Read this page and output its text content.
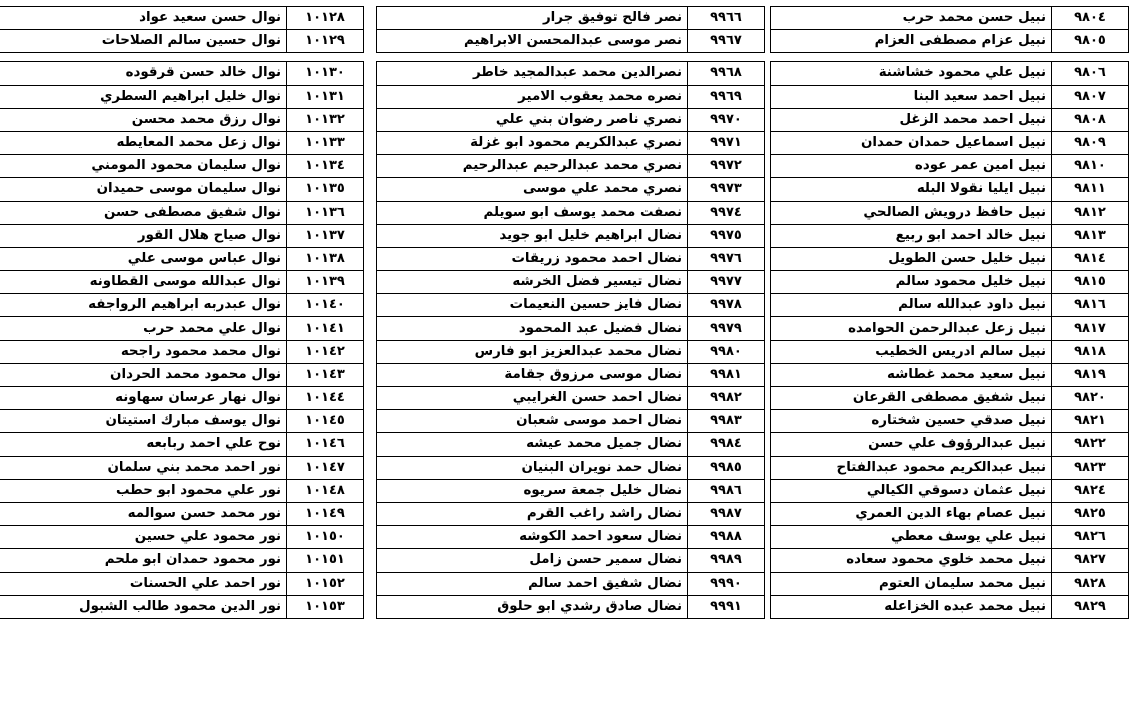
٩٨٠٤	نبيل حسن محمد حرب
٩٨٠٥	نبيل عزام مصطفى العزام

٩٨٠٦	نبيل علي محمود خشاشنة
٩٨٠٧	نبيل احمد سعيد البنا
٩٨٠٨	نبيل احمد محمد الزغل
٩٨٠٩	نبيل اسماعيل حمدان حمدان
٩٨١٠	نبيل امين عمر عوده
٩٨١١	نبيل ايليا نقولا البله
٩٨١٢	نبيل حافظ درويش الصالحي
٩٨١٣	نبيل خالد احمد ابو ربيع
٩٨١٤	نبيل خليل حسن الطويل
٩٨١٥	نبيل خليل محمود سالم
٩٨١٦	نبيل داود عبدالله سالم
٩٨١٧	نبيل زعل عبدالرحمن الحوامده
٩٨١٨	نبيل سالم ادريس الخطيب
٩٨١٩	نبيل سعيد محمد غطاشه
٩٨٢٠	نبيل شفيق مصطفى القرعان
٩٨٢١	نبيل صدقي حسين شختاره
٩٨٢٢	نبيل عبدالرؤوف علي حسن
٩٨٢٣	نبيل عبدالكريم محمود عبدالفتاح
٩٨٢٤	نبيل عثمان دسوقي الكيالي
٩٨٢٥	نبيل عصام بهاء الدين العمري
٩٨٢٦	نبيل علي يوسف معطي
٩٨٢٧	نبيل محمد خلوي محمود سعاده
٩٨٢٨	نبيل محمد سليمان العتوم
٩٨٢٩	نبيل محمد عبده الخزاعله
٩٩٦٦	نصر فالح توفيق جرار
٩٩٦٧	نصر موسى عبدالمحسن الابراهيم

٩٩٦٨	نصرالدين محمد عبدالمجيد خاطر
٩٩٦٩	نصره محمد يعقوب الامير
٩٩٧٠	نصري ناصر رضوان بني علي
٩٩٧١	نصري عبدالكريم محمود ابو غزلة
٩٩٧٢	نصري محمد عبدالرحيم عبدالرحيم
٩٩٧٣	نصري محمد علي موسى
٩٩٧٤	نصفت محمد يوسف ابو سويلم
٩٩٧٥	نضال ابراهيم خليل ابو جويد
٩٩٧٦	نضال احمد محمود زريقات
٩٩٧٧	نضال تيسير فضل الخرشه
٩٩٧٨	نضال فايز حسين النعيمات
٩٩٧٩	نضال فضيل عبد المحمود
٩٩٨٠	نضال محمد عبدالعزيز ابو فارس
٩٩٨١	نضال موسى مرزوق جقامة
٩٩٨٢	نضال احمد حسن الغرايبي
٩٩٨٣	نضال احمد موسى شعبان
٩٩٨٤	نضال جميل محمد عيشه
٩٩٨٥	نضال حمد نويران البنيان
٩٩٨٦	نضال خليل جمعة سريوه
٩٩٨٧	نضال راشد راغب القرم
٩٩٨٨	نضال سعود احمد الكوشه
٩٩٨٩	نضال سمير حسن زامل
٩٩٩٠	نضال شفيق احمد سالم
٩٩٩١	نضال صادق رشدي ابو حلوق
١٠١٢٨	نوال حسن سعيد عواد
١٠١٢٩	نوال حسين سالم الصلاحات

١٠١٣٠	نوال خالد حسن قرقوده
١٠١٣١	نوال خليل ابراهيم السطري
١٠١٣٢	نوال رزق محمد محسن
١٠١٣٣	نوال زعل محمد المعايطه
١٠١٣٤	نوال سليمان محمود المومني
١٠١٣٥	نوال سليمان موسى حميدان
١٠١٣٦	نوال شفيق مصطفى حسن
١٠١٣٧	نوال صياح هلال القور
١٠١٣٨	نوال عباس موسى علي
١٠١٣٩	نوال عبدالله موسى القطاونه
١٠١٤٠	نوال عبدربه ابراهيم الرواجفه
١٠١٤١	نوال علي محمد حرب
١٠١٤٢	نوال محمد محمود راجحه
١٠١٤٣	نوال محمود محمد الحردان
١٠١٤٤	نوال نهار عرسان سهاونه
١٠١٤٥	نوال يوسف مبارك استيتان
١٠١٤٦	نوح علي احمد ربابعه
١٠١٤٧	نور احمد محمد بني سلمان
١٠١٤٨	نور علي محمود ابو حطب
١٠١٤٩	نور محمد حسن سوالمه
١٠١٥٠	نور محمود علي حسين
١٠١٥١	نور محمود حمدان ابو ملحم
١٠١٥٢	نور احمد علي الحسنات
١٠١٥٣	نور الدين محمود طالب الشبول
